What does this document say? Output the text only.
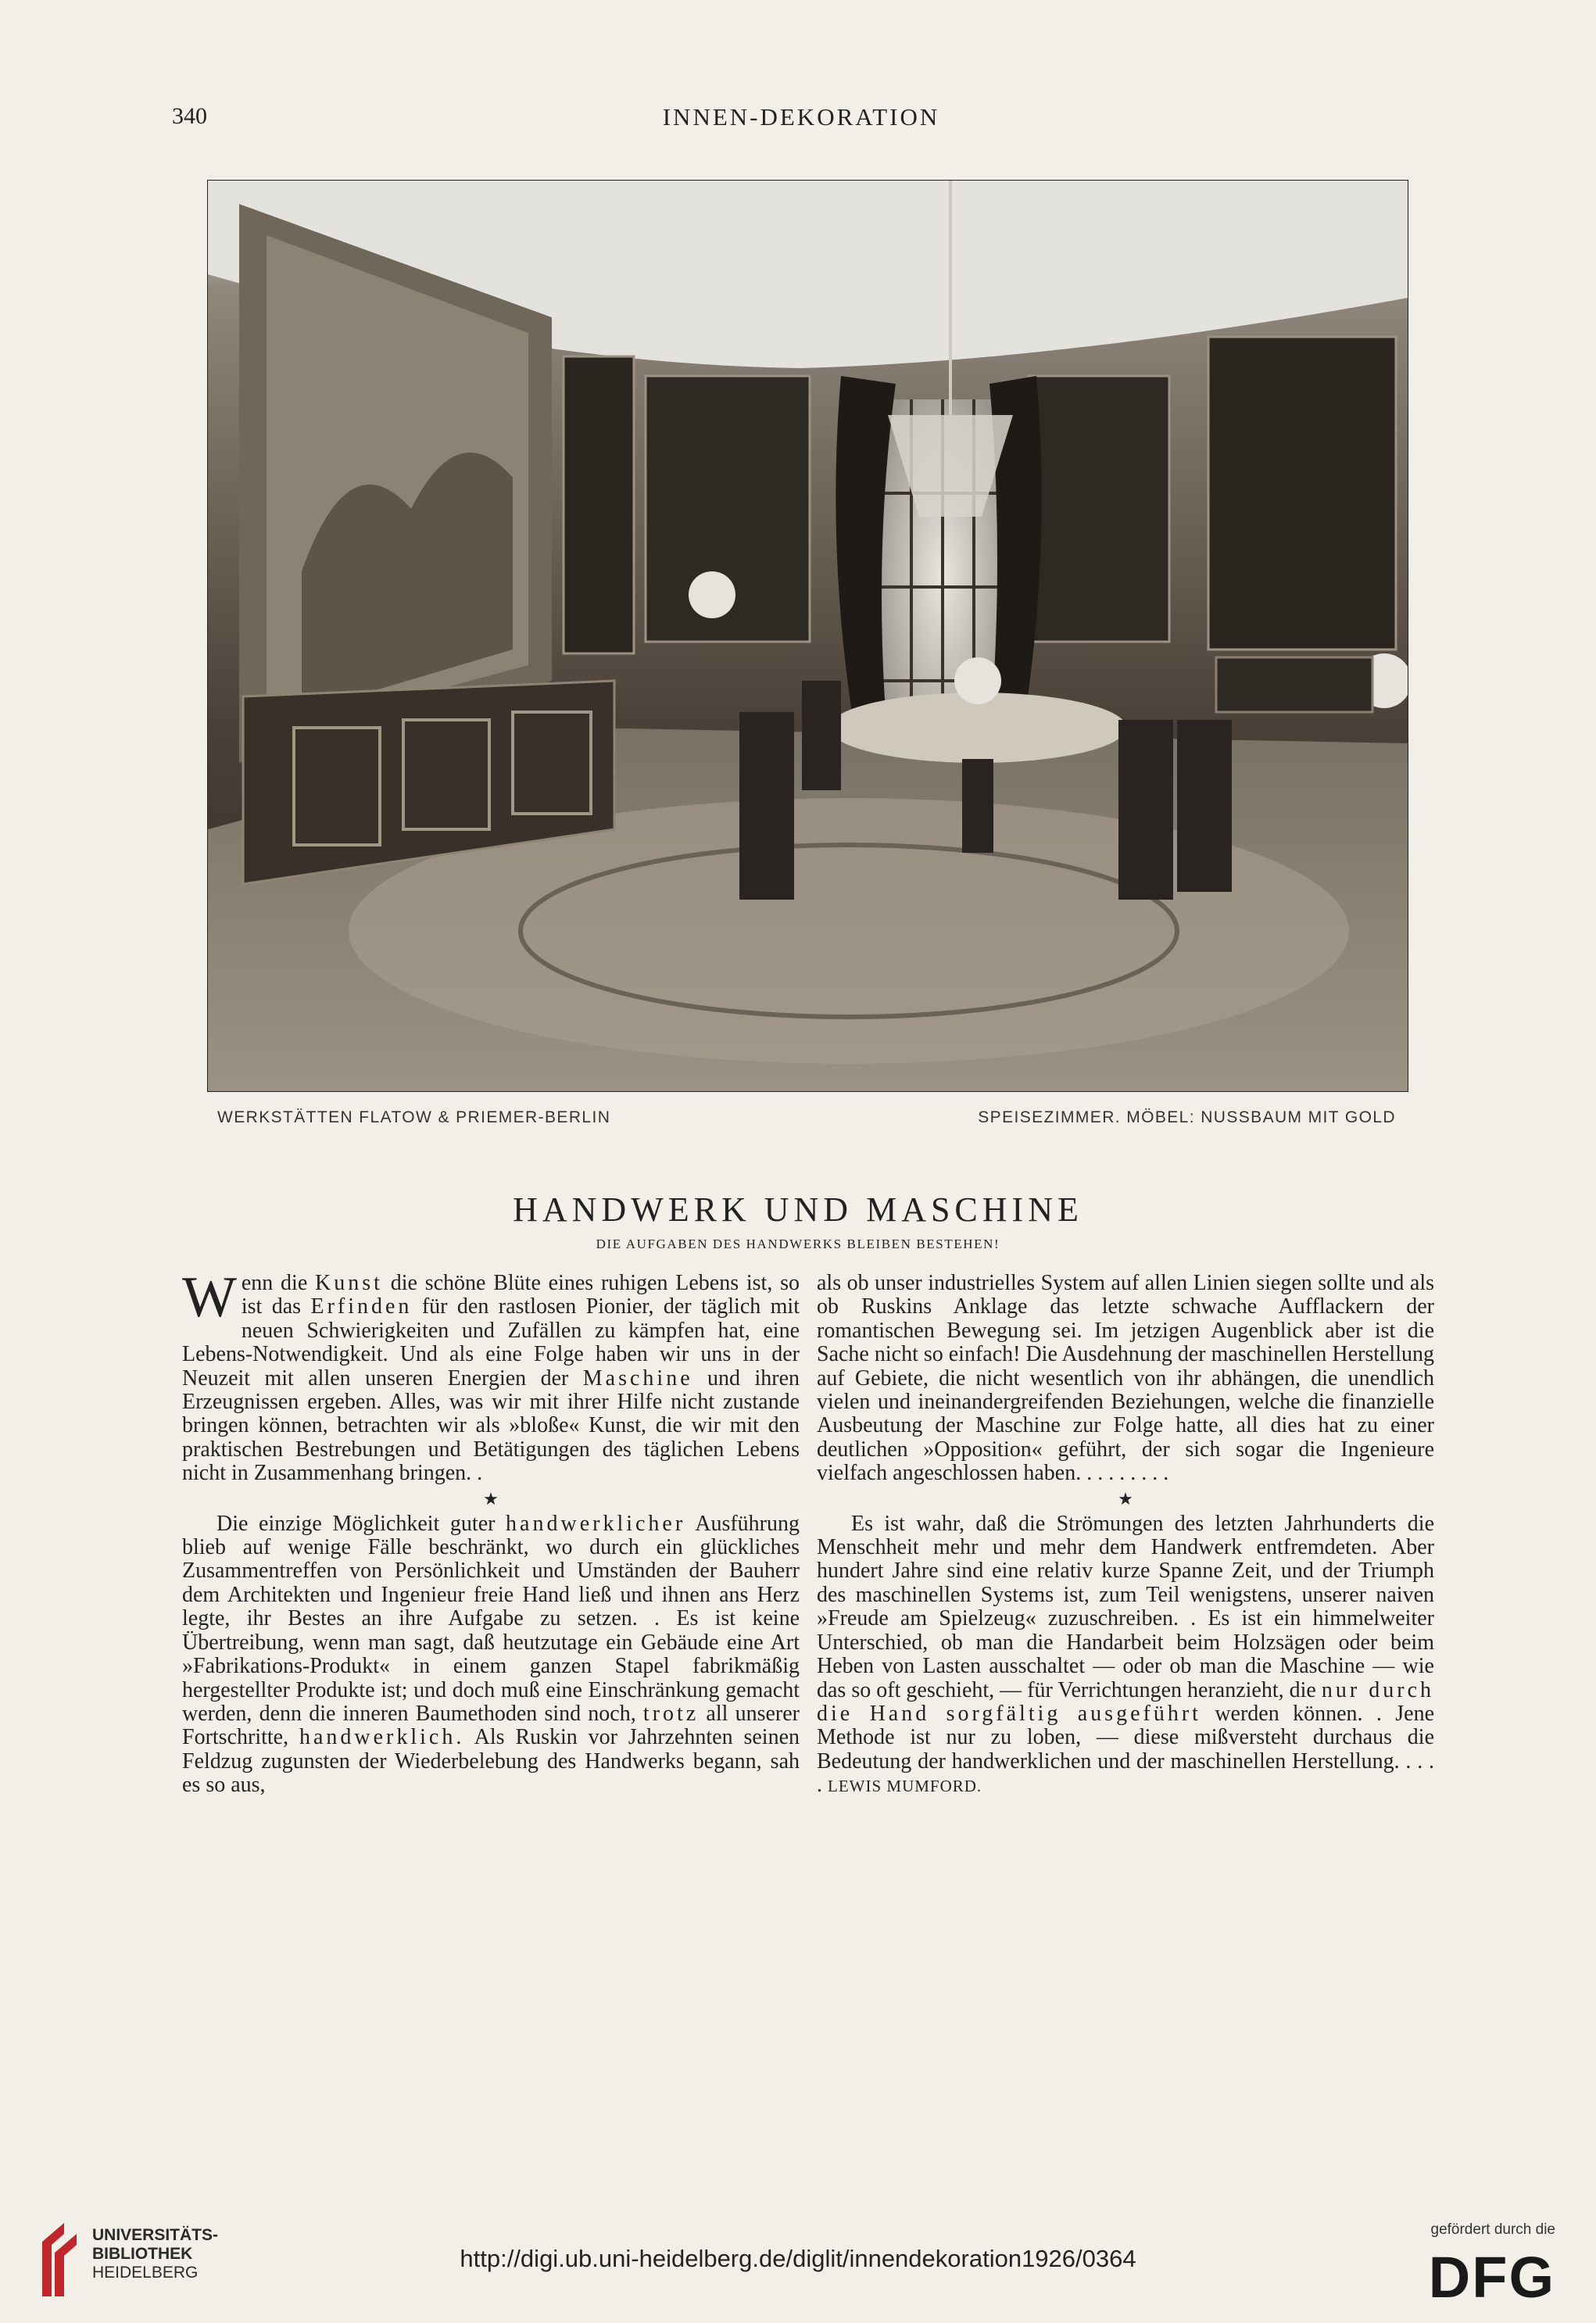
340	INNEN-DEKORATION
WERKSTÄTTEN FLATOW & PRIEMER-BERLIN	SPEISEZIMMER. MÖBEL: NUSSBAUM MIT GOLD
HANDWERK UND MASCHINE
DIE AUFGABEN DES HANDWERKS BLEIBEN BESTEHEN!

Wenn die Kunst die schöne Blüte eines ruhigen Lebens ist, so ist das Erfinden für den rastlosen Pionier, der täglich mit neuen Schwierigkeiten und Zufällen zu kämpfen hat, eine Lebens-Notwendigkeit. Und als eine Folge haben wir uns in der Neuzeit mit allen unseren Energien der Maschine und ihren Erzeugnissen ergeben. Alles, was wir mit ihrer Hilfe nicht zustande bringen können, betrachten wir als »bloße« Kunst, die wir mit den praktischen Bestrebungen und Betätigungen des täglichen Lebens nicht in Zusammenhang bringen. .

★

Die einzige Möglichkeit guter handwerklicher Ausführung blieb auf wenige Fälle beschränkt, wo durch ein glückliches Zusammentreffen von Persönlichkeit und Umständen der Bauherr dem Architekten und Ingenieur freie Hand ließ und ihnen ans Herz legte, ihr Bestes an ihre Aufgabe zu setzen. . Es ist keine Übertreibung, wenn man sagt, daß heutzutage ein Gebäude eine Art »Fabrikations-Produkt« in einem ganzen Stapel fabrikmäßig hergestellter Produkte ist; und doch muß eine Einschränkung gemacht werden, denn die inneren Baumethoden sind noch, trotz all unserer Fortschritte, handwerklich. Als Ruskin vor Jahrzehnten seinen Feldzug zugunsten der Wiederbelebung des Handwerks begann, sah es so aus,

als ob unser industrielles System auf allen Linien siegen sollte und als ob Ruskins Anklage das letzte schwache Aufflackern der romantischen Bewegung sei. Im jetzigen Augenblick aber ist die Sache nicht so einfach! Die Ausdehnung der maschinellen Herstellung auf Gebiete, die nicht wesentlich von ihr abhängen, die unendlich vielen und ineinandergreifenden Beziehungen, welche die finanzielle Ausbeutung der Maschine zur Folge hatte, all dies hat zu einer deutlichen »Opposition« geführt, der sich sogar die Ingenieure vielfach angeschlossen haben. . . . . . . . .

★

Es ist wahr, daß die Strömungen des letzten Jahrhunderts die Menschheit mehr und mehr dem Handwerk entfremdeten. Aber hundert Jahre sind eine relativ kurze Spanne Zeit, und der Triumph des maschinellen Systems ist, zum Teil wenigstens, unserer naiven »Freude am Spielzeug« zuzuschreiben. . Es ist ein himmelweiter Unterschied, ob man die Handarbeit beim Holzsägen oder beim Heben von Lasten ausschaltet — oder ob man die Maschine — wie das so oft geschieht, — für Verrichtungen heranzieht, die nur durch die Hand sorgfältig ausgeführt werden können. . Jene Methode ist nur zu loben, — diese mißversteht durchaus die Bedeutung der handwerklichen und der maschinellen Herstellung. . . . . LEWIS MUMFORD.

UNIVERSITÄTS-
BIBLIOTHEK
HEIDELBERG
http://digi.ub.uni-heidelberg.de/diglit/innendekoration1926/0364
gefördert durch die
DFG
